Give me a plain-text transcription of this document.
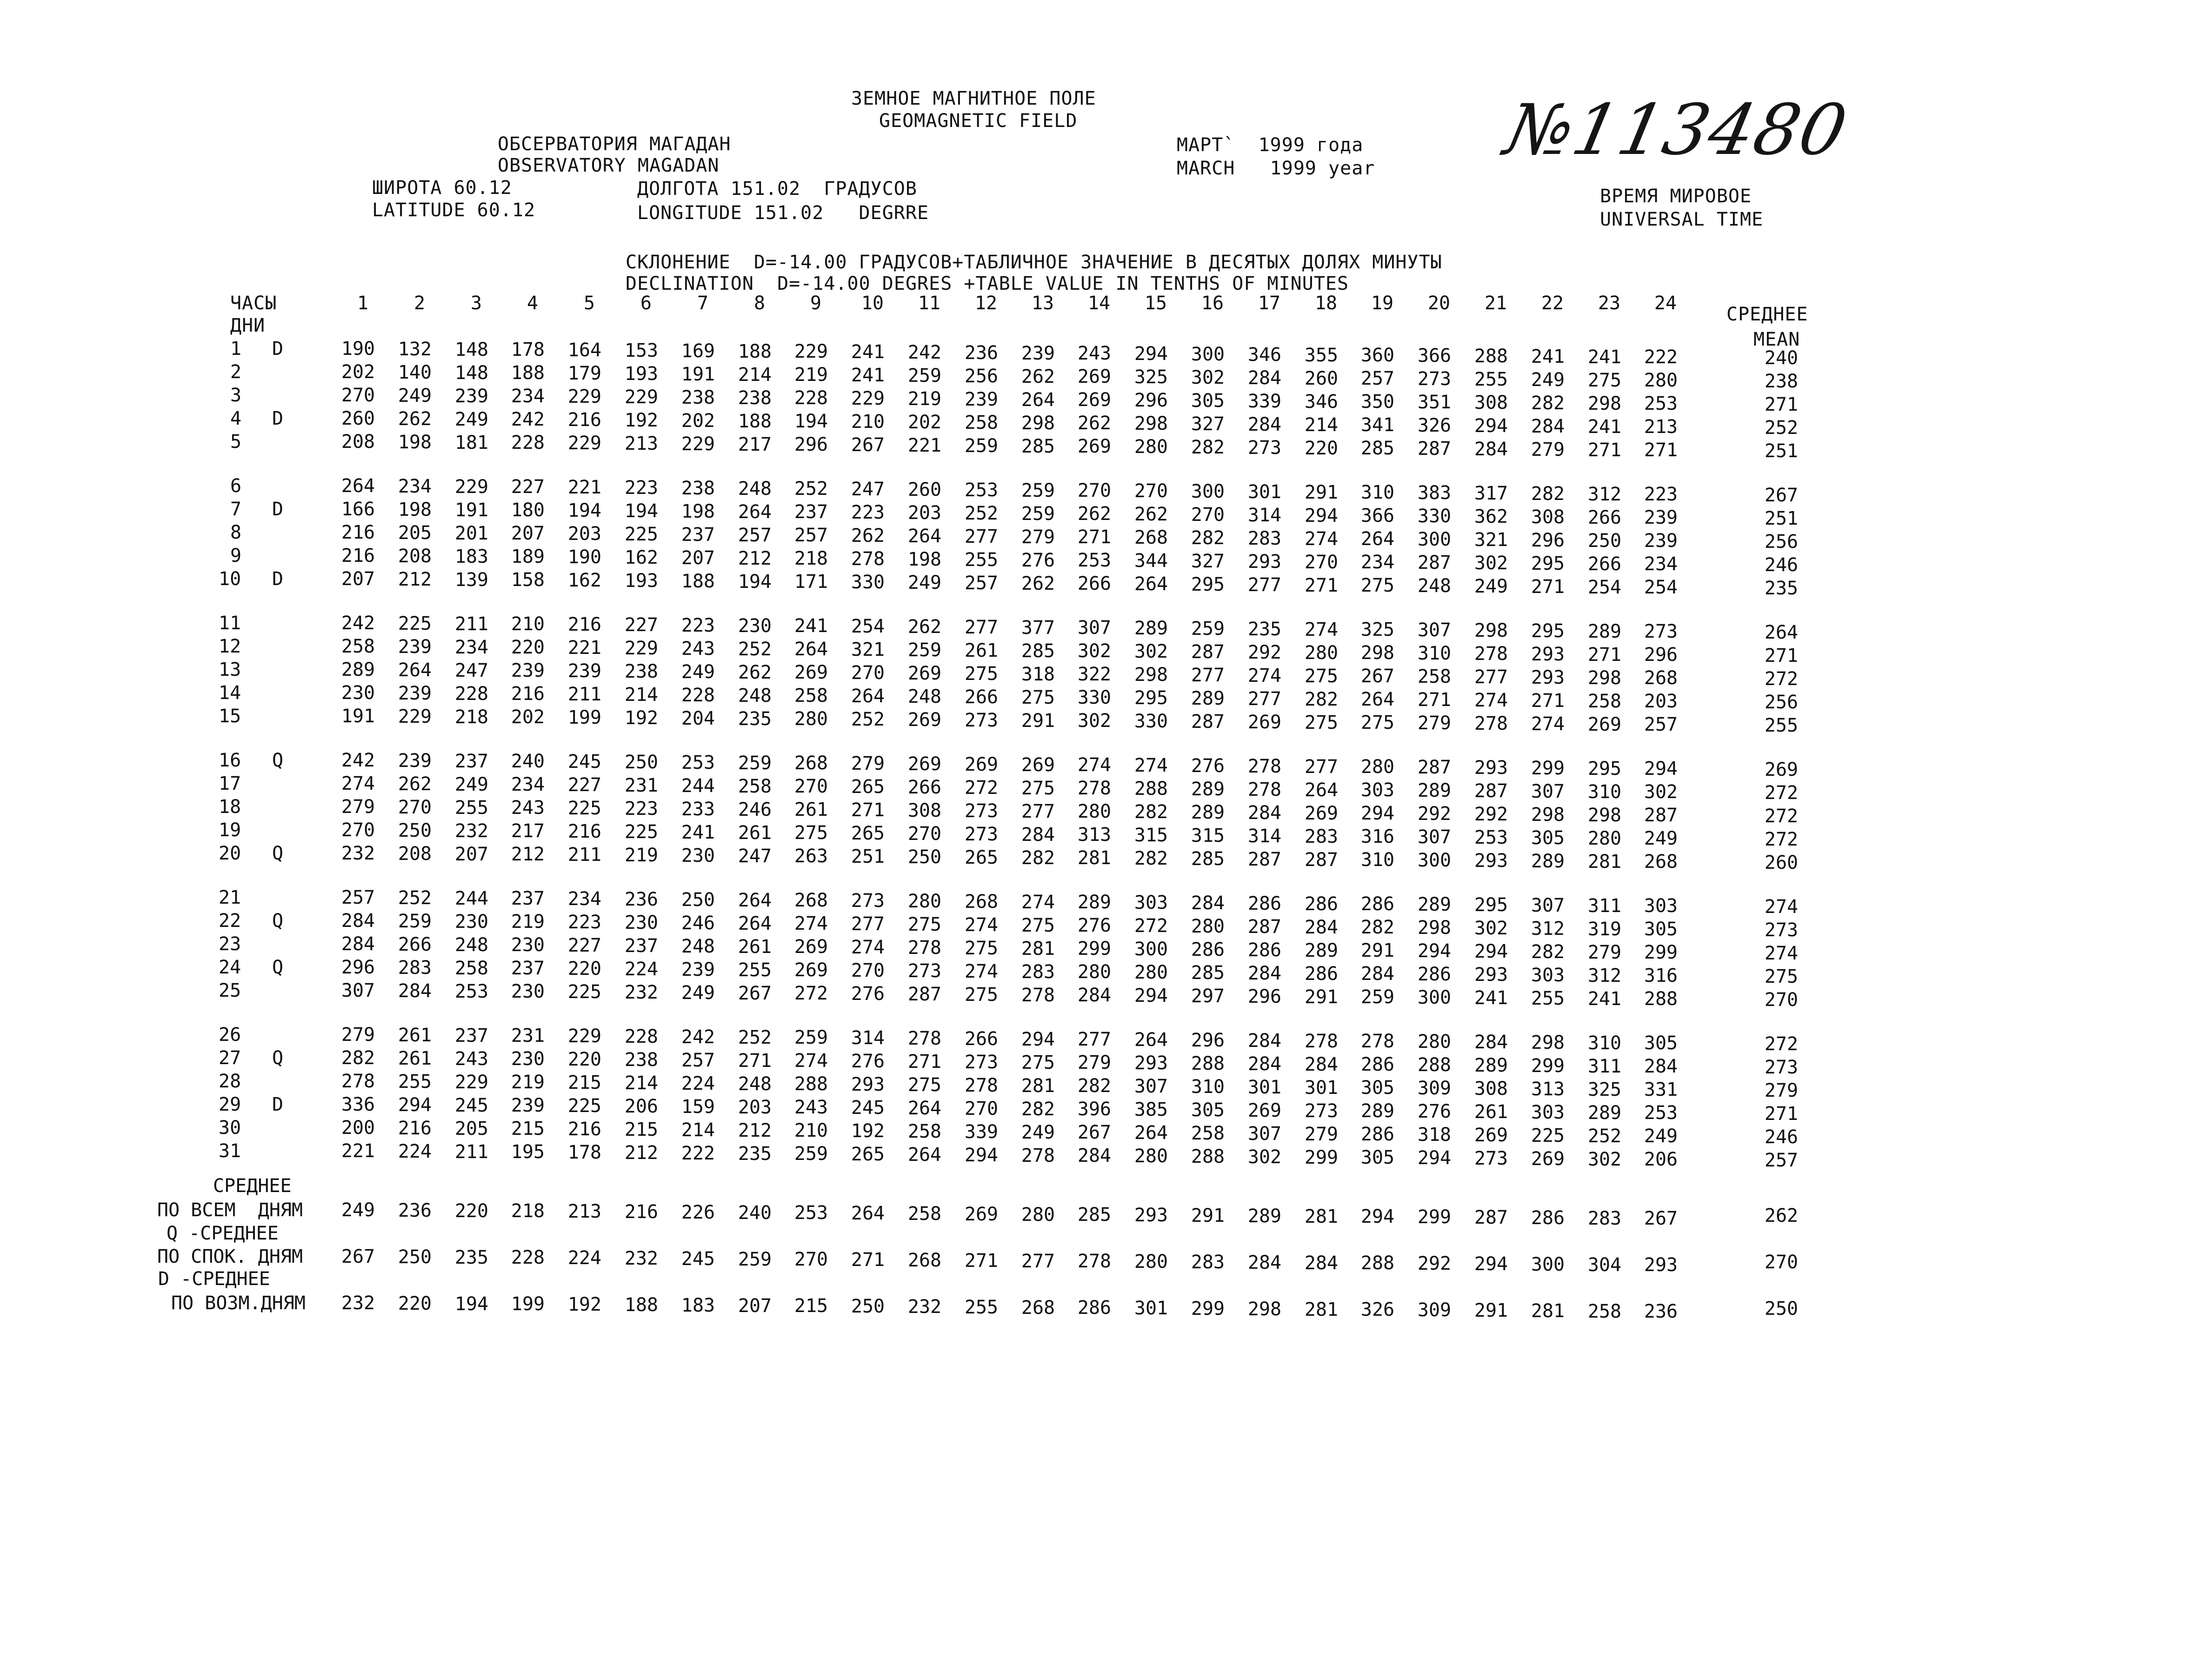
ЗЕМНОЕ МАГНИТНОЕ ПОЛЕ
GEOMAGNETIC FIELD
ОБСЕРВАТОРИЯ МАГАДАН
OBSERVATORY MAGADAN
МАРТ`  1999 года
MARCH   1999 year №113480
ШИРОТА 60.12	ДОЛГОТА 151.02  ГРАДУСОВ
LATITUDE 60.12	LONGITUDE 151.02   DEGRRE
ВРЕМЯ МИРОВОЕ
UNIVERSAL TIME
СКЛОНЕНИЕ  D=-14.00 ГРАДУСОВ+ТАБЛИЧНОЕ ЗНАЧЕНИЕ В ДЕСЯТЫХ ДОЛЯХ МИНУТЫ
DECLINATION  D=-14.00 DEGRES +TABLE VALUE IN TENTHS OF MINUTES
ЧАСЫ
ДНИ
СРЕДНЕЕ
MEAN
1	2	3	4	5	6	7	8	9	10	11	12	13	14	15	16	17	18	19	20	21	22	23	24
1 D	190	132	148	178	164	153	169	188	229	241	242	236	239	243	294	300	346	355	360	366	288	241	241	222	240
2	202	140	148	188	179	193	191	214	219	241	259	256	262	269	325	302	284	260	257	273	255	249	275	280	238
3	270	249	239	234	229	229	238	238	228	229	219	239	264	269	296	305	339	346	350	351	308	282	298	253	271
4 D	260	262	249	242	216	192	202	188	194	210	202	258	298	262	298	327	284	214	341	326	294	284	241	213	252
5	208	198	181	228	229	213	229	217	296	267	221	259	285	269	280	282	273	220	285	287	284	279	271	271	251
6	264	234	229	227	221	223	238	248	252	247	260	253	259	270	270	300	301	291	310	383	317	282	312	223	267
7 D	166	198	191	180	194	194	198	264	237	223	203	252	259	262	262	270	314	294	366	330	362	308	266	239	251
8	216	205	201	207	203	225	237	257	257	262	264	277	279	271	268	282	283	274	264	300	321	296	250	239	256
9	216	208	183	189	190	162	207	212	218	278	198	255	276	253	344	327	293	270	234	287	302	295	266	234	246
10 D	207	212	139	158	162	193	188	194	171	330	249	257	262	266	264	295	277	271	275	248	249	271	254	254	235
11	242	225	211	210	216	227	223	230	241	254	262	277	377	307	289	259	235	274	325	307	298	295	289	273	264
12	258	239	234	220	221	229	243	252	264	321	259	261	285	302	302	287	292	280	298	310	278	293	271	296	271
13	289	264	247	239	239	238	249	262	269	270	269	275	318	322	298	277	274	275	267	258	277	293	298	268	272
14	230	239	228	216	211	214	228	248	258	264	248	266	275	330	295	289	277	282	264	271	274	271	258	203	256
15	191	229	218	202	199	192	204	235	280	252	269	273	291	302	330	287	269	275	275	279	278	274	269	257	255
16 Q	242	239	237	240	245	250	253	259	268	279	269	269	269	274	274	276	278	277	280	287	293	299	295	294	269
17	274	262	249	234	227	231	244	258	270	265	266	272	275	278	288	289	278	264	303	289	287	307	310	302	272
18	279	270	255	243	225	223	233	246	261	271	308	273	277	280	282	289	284	269	294	292	292	298	298	287	272
19	270	250	232	217	216	225	241	261	275	265	270	273	284	313	315	315	314	283	316	307	253	305	280	249	272
20 Q	232	208	207	212	211	219	230	247	263	251	250	265	282	281	282	285	287	287	310	300	293	289	281	268	260
21	257	252	244	237	234	236	250	264	268	273	280	268	274	289	303	284	286	286	286	289	295	307	311	303	274
22 Q	284	259	230	219	223	230	246	264	274	277	275	274	275	276	272	280	287	284	282	298	302	312	319	305	273
23	284	266	248	230	227	237	248	261	269	274	278	275	281	299	300	286	286	289	291	294	294	282	279	299	274
24 Q	296	283	258	237	220	224	239	255	269	270	273	274	283	280	280	285	284	286	284	286	293	303	312	316	275
25	307	284	253	230	225	232	249	267	272	276	287	275	278	284	294	297	296	291	259	300	241	255	241	288	270
26	279	261	237	231	229	228	242	252	259	314	278	266	294	277	264	296	284	278	278	280	284	298	310	305	272
27 Q	282	261	243	230	220	238	257	271	274	276	271	273	275	279	293	288	284	284	286	288	289	299	311	284	273
28	278	255	229	219	215	214	224	248	288	293	275	278	281	282	307	310	301	301	305	309	308	313	325	331	279
29 D	336	294	245	239	225	206	159	203	243	245	264	270	282	396	385	305	269	273	289	276	261	303	289	253	271
30	200	216	205	215	216	215	214	212	210	192	258	339	249	267	264	258	307	279	286	318	269	225	252	249	246
31	221	224	211	195	178	212	222	235	259	265	264	294	278	284	280	288	302	299	305	294	273	269	302	206	257
СРЕДНЕЕ
ПО ВСЕМ  ДНЯМ	249	236	220	218	213	216	226	240	253	264	258	269	280	285	293	291	289	281	294	299	287	286	283	267	262
Q -СРЕДНЕЕ
ПО СПОК. ДНЯМ	267	250	235	228	224	232	245	259	270	271	268	271	277	278	280	283	284	284	288	292	294	300	304	293	270
D -СРЕДНЕЕ
ПО ВОЗМ.ДНЯМ	232	220	194	199	192	188	183	207	215	250	232	255	268	286	301	299	298	281	326	309	291	281	258	236	250
